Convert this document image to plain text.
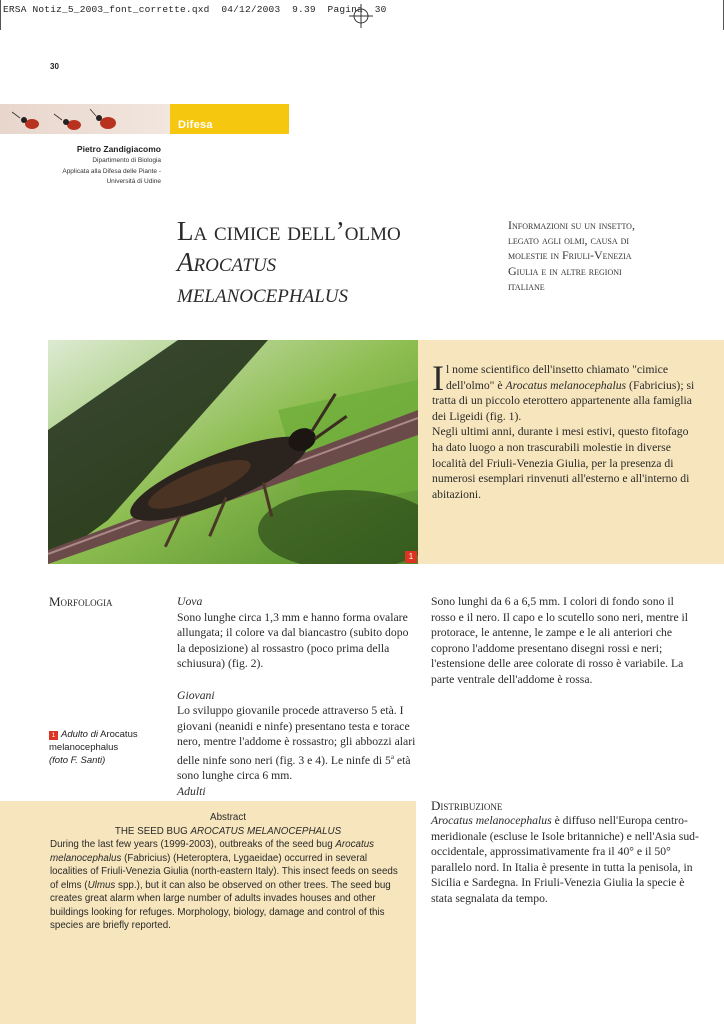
ERSA Notiz_5_2003_font_corrette.qxd  04/12/2003  9.39  Pagina  30
30
Difesa
Pietro Zandigiacomo
Dipartimento di Biologia
Applicata alla Difesa delle Piante -
Università di Udine
La cimice dell’olmo
Arocatus
melanocephalus
Informazioni su un insetto, legato agli olmi, causa di molestie in Friuli-Venezia Giulia e in altre regioni italiane
1

Il nome scientifico dell'insetto chiamato "cimice dell'olmo" è Arocatus melanocephalus (Fabricius); si tratta di un piccolo eterottero appartenente alla famiglia dei Ligeidi (fig. 1).

Negli ultimi anni, durante i mesi estivi, questo fitofago ha dato luogo a non trascurabili molestie in diverse località del Friuli-Venezia Giulia, per la presenza di numerosi esemplari rinvenuti all'esterno e all'interno di abitazioni.

Morfologia	Uova
Sono lunghe circa 1,3 mm e hanno forma ovalare allungata; il colore va dal biancastro (subito dopo la deposizione) al rossastro (poco prima della schiusura) (fig. 2).
Giovani
Lo sviluppo giovanile procede attraverso 5 età. I giovani (neanidi e ninfe) presentano testa e torace nero, mentre l'addome è rossastro; gli abbozzi alari delle ninfe sono neri (fig. 3 e 4). Le ninfe di 5$^a$ età sono lunghe circa 6 mm.
Adulti
Sono lunghi da 6 a 6,5 mm. I colori di fondo sono il rosso e il nero. Il capo e lo scutello sono neri, mentre il protorace, le antenne, le zampe e le ali anteriori che coprono l'addome presentano disegni rossi e neri; l'estensione delle aree colorate di rosso è variabile. La parte ventrale dell'addome è rossa.
1 Adulto di Arocatus
melanocephalus
(foto F. Santi)
Abstract
THE SEED BUG AROCATUS MELANOCEPHALUS
During the last few years (1999-2003), outbreaks of the seed bug Arocatus melanocephalus (Fabricius) (Heteroptera, Lygaeidae) occurred in several localities of Friuli-Venezia Giulia (north-eastern Italy). This insect feeds on seeds of elms (Ulmus spp.), but it can also be observed on other trees. The seed bug creates great alarm when large number of adults invades houses and other buildings looking for refuges. Morphology, biology, damage and control of this species are briefly reported.
Distribuzione
Arocatus melanocephalus è diffuso nell'Europa centro-meridionale (escluse le Isole britanniche) e nell'Asia sud-occidentale, approssimativamente fra il 40° e il 50° parallelo nord. In Italia è presente in tutta la penisola, in Sicilia e Sardegna. In Friuli-Venezia Giulia la specie è stata segnalata da tempo.
